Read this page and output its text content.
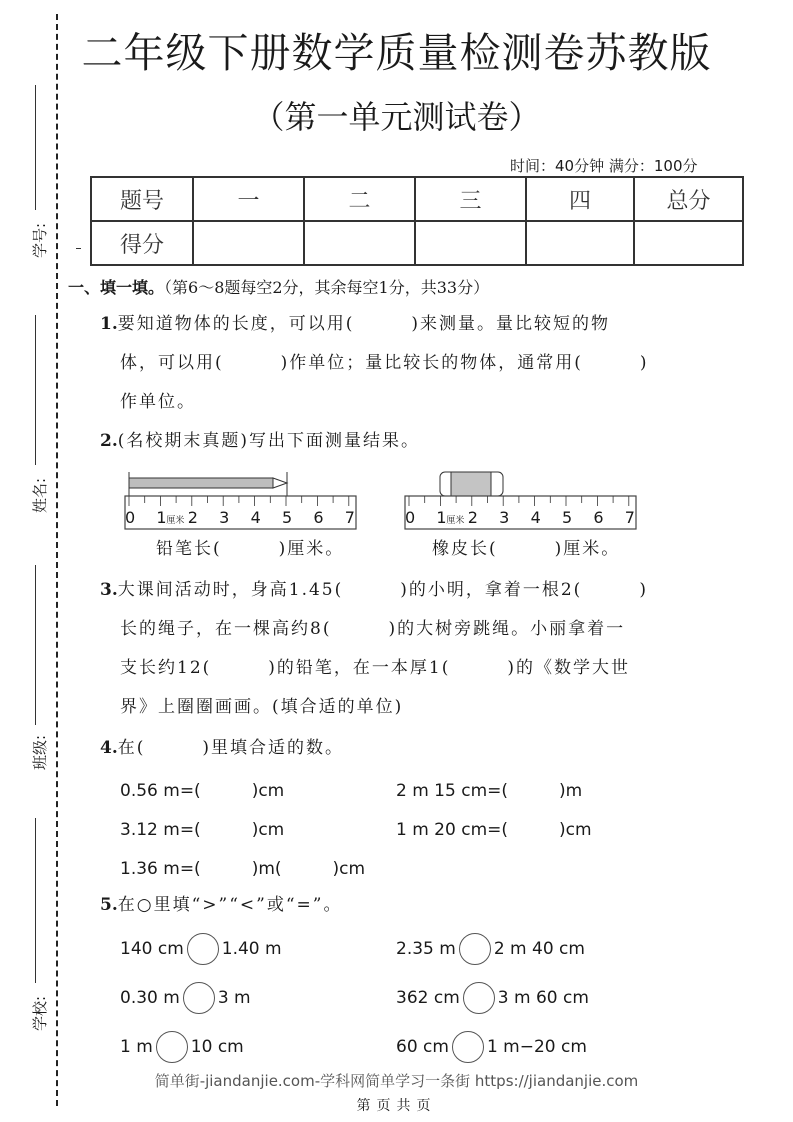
学号:
姓名:
班级:
学校:
二年级下册数学质量检测卷苏教版
（第一单元测试卷）
时间：40分钟 满分：100分
题号	一	二	三	四	总分
得分					
一、填一填。（第6～8题每空2分，其余每空1分，共33分）
1.要知道物体的长度，可以用(　　　)来测量。量比较短的物
体，可以用(　　　)作单位；量比较长的物体，通常用(　　　)
作单位。
2.(名校期末真题)写出下面测量结果。
0	1 厘米 2	3	4	5	6	7
铅笔长(　　　)厘米。
0	1 厘米 2	3	4	5	6	7
橡皮长(　　　)厘米。
3.大课间活动时，身高1.45(　　　)的小明，拿着一根2(　　　)
长的绳子，在一棵高约8(　　　)的大树旁跳绳。小丽拿着一
支长约12(　　　)的铅笔，在一本厚1(　　　)的《数学大世
界》上圈圈画画。(填合适的单位)
4.在(　　　)里填合适的数。
0.56 m=(　　　)cm	2 m 15 cm=(　　　)m
3.12 m=(　　　)cm	1 m 20 cm=(　　　)cm
1.36 m=(　　　)m(　　　)cm
5.在○里填“>”“<”或“=”。
140 cm 1.40 m	2.35 m 2 m 40 cm
0.30 m 3 m	362 cm 3 m 60 cm
1 m 10 cm	60 cm 1 m−20 cm
简单街-jiandanjie.com-学科网简单学习一条街 https://jiandanjie.com
第页共页
